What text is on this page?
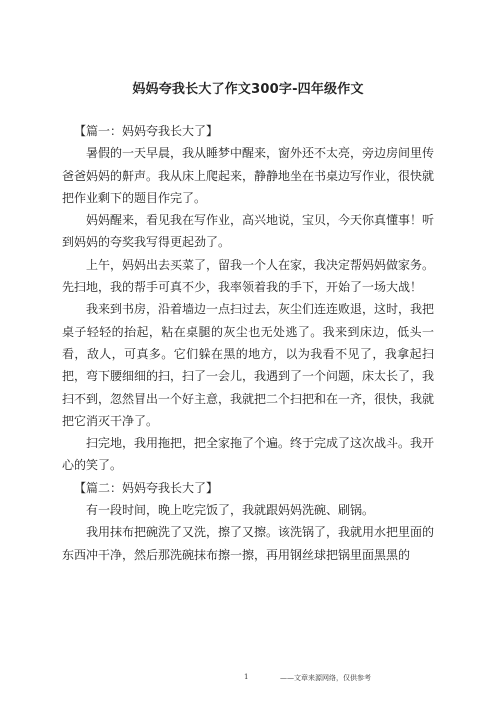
妈妈夸我长大了作文300字-四年级作文

【篇一：妈妈夸我长大了】

暑假的一天早晨，我从睡梦中醒来，窗外还不太亮，旁边房间里传爸爸妈妈的鼾声。我从床上爬起来，静静地坐在书桌边写作业，很快就把作业剩下的题目作完了。

妈妈醒来，看见我在写作业，高兴地说，宝贝，今天你真懂事！听到妈妈的夸奖我写得更起劲了。

上午，妈妈出去买菜了，留我一个人在家，我决定帮妈妈做家务。先扫地，我的帮手可真不少，我率领着我的手下，开始了一场大战！

我来到书房，沿着墙边一点扫过去，灰尘们连连败退，这时，我把桌子轻轻的抬起，粘在桌腿的灰尘也无处逃了。我来到床边，低头一看，敌人，可真多。它们躲在黑的地方，以为我看不见了，我拿起扫把，弯下腰细细的扫，扫了一会儿，我遇到了一个问题，床太长了，我扫不到，忽然冒出一个好主意，我就把二个扫把和在一齐，很快，我就把它消灭干净了。

扫完地，我用拖把，把全家拖了个遍。终于完成了这次战斗。我开心的笑了。

【篇二：妈妈夸我长大了】

有一段时间，晚上吃完饭了，我就跟妈妈洗碗、刷锅。

我用抹布把碗洗了又洗，擦了又擦。该洗锅了，我就用水把里面的东西冲干净，然后那洗碗抹布擦一擦，再用钢丝球把锅里面黑黑的

1	——文章来源网络，仅供参考
